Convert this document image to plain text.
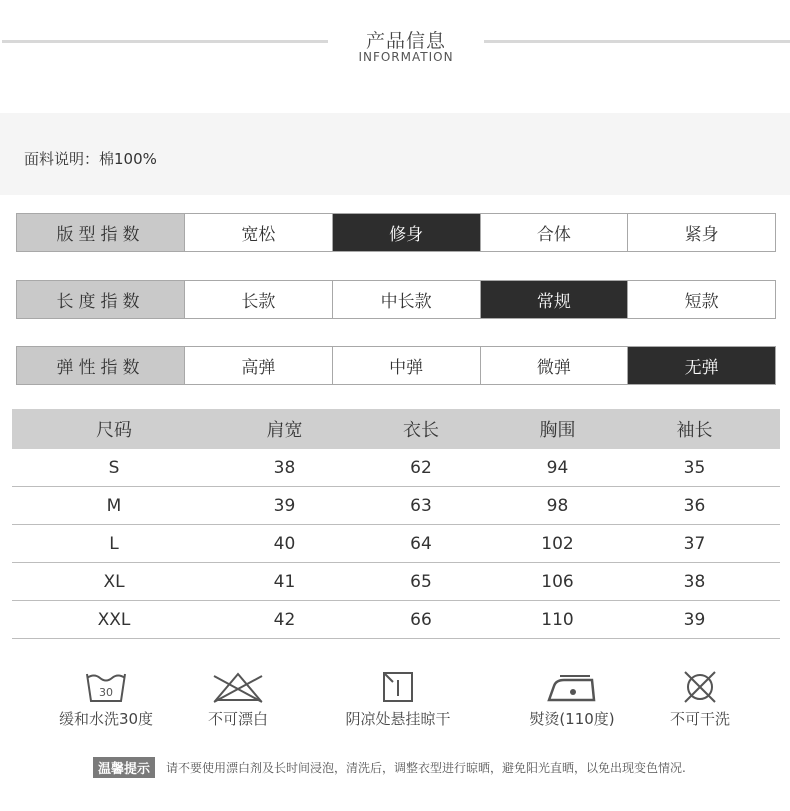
产品信息
INFORMATION
面料说明：棉100%
版型指数	宽松	修身	合体	紧身
长度指数	长款	中长款	常规	短款
弹性指数	高弹	中弹	微弹	无弹
尺码	肩宽	衣长	胸围	袖长
S	38	62	94	35
M	39	63	98	36
L	40	64	102	37
XL	41	65	106	38
XXL	42	66	110	39
30
缓和水洗30度	不可漂白	阴凉处悬挂晾干	熨烫(110度)	不可干洗
温馨提示	请不要使用漂白剂及长时间浸泡，清洗后，调整衣型进行晾晒，避免阳光直晒，以免出现变色情况.
